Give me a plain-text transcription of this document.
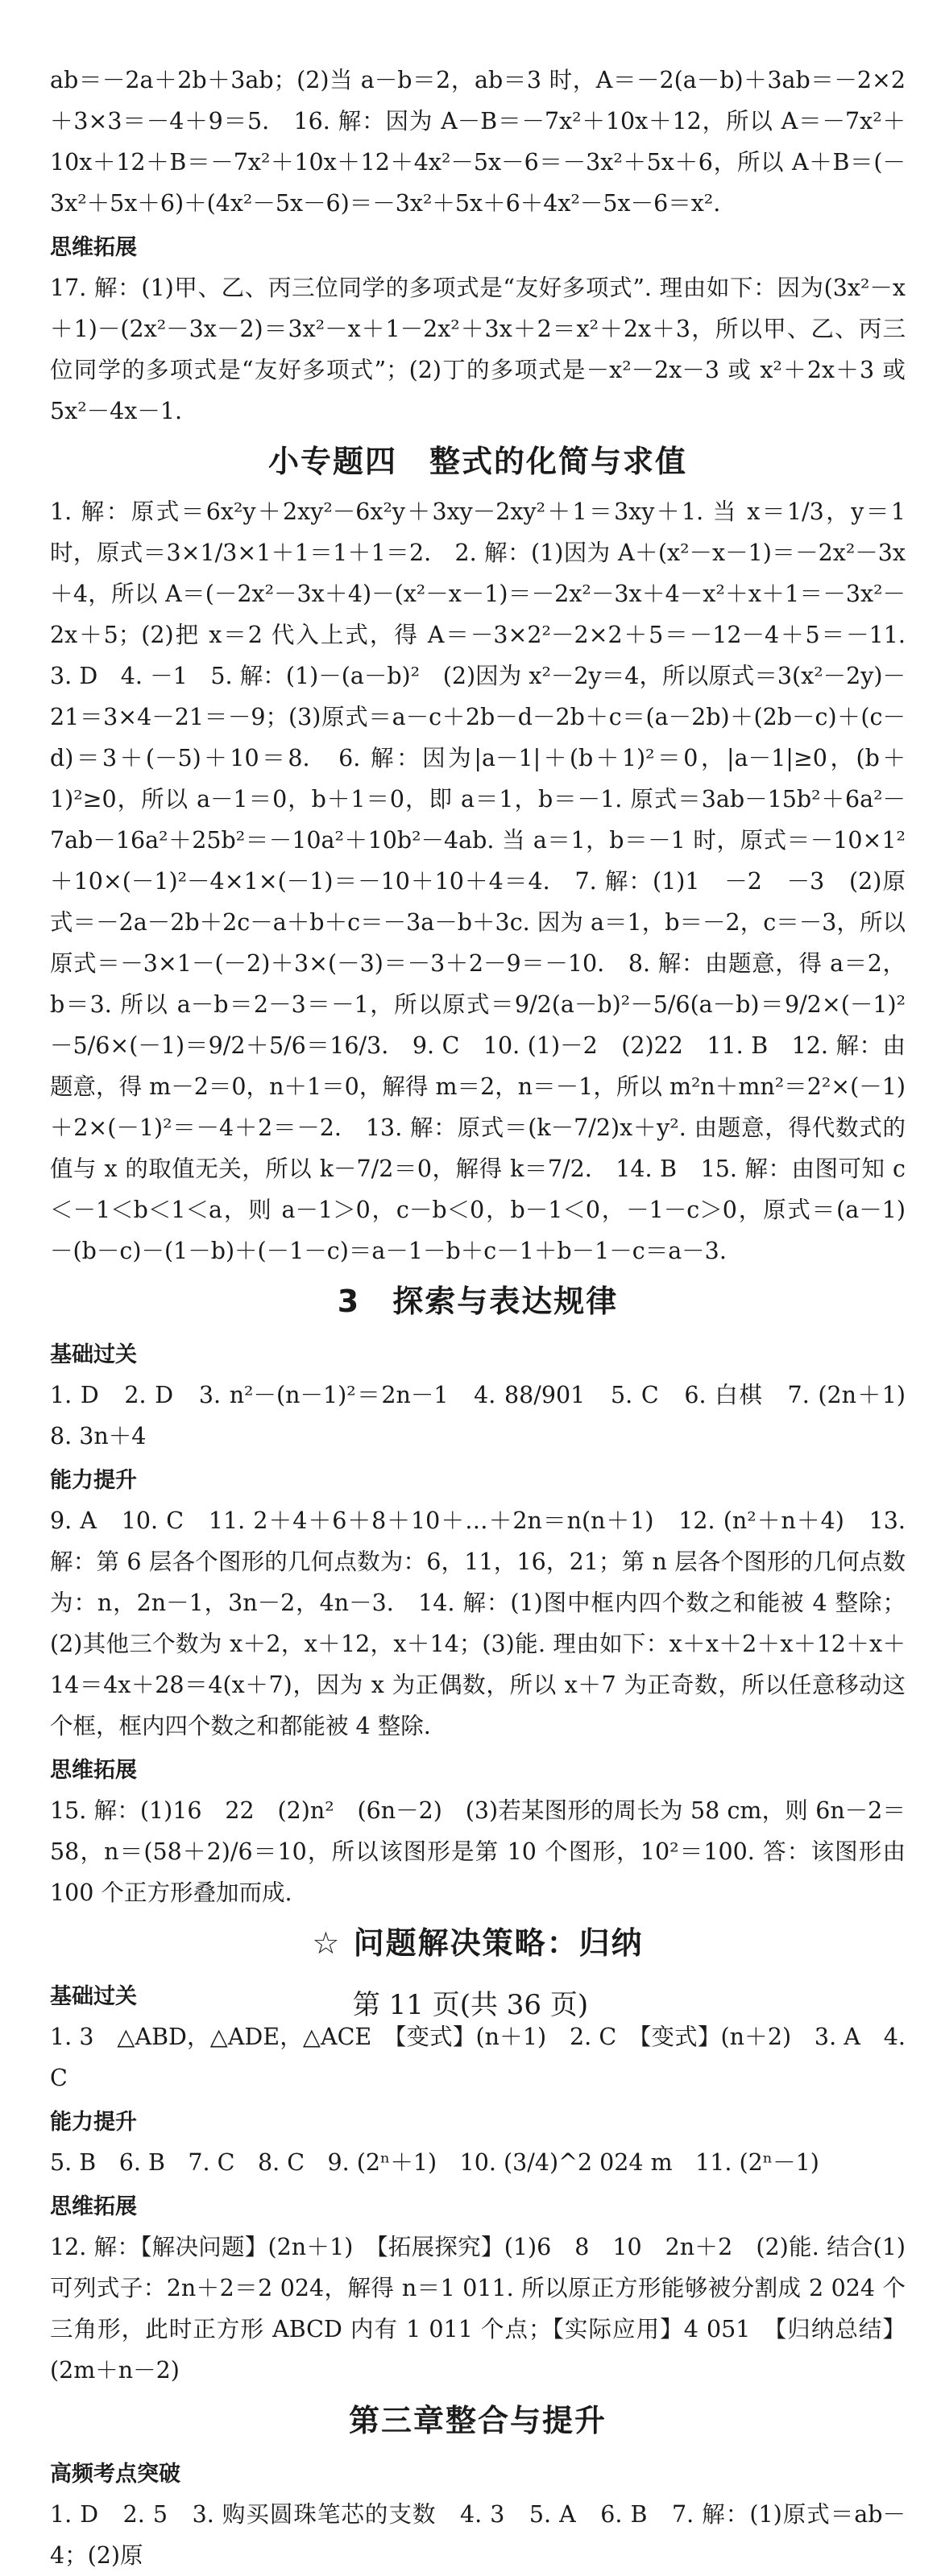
ab＝－2a＋2b＋3ab；(2)当 a－b＝2，ab＝3 时，A＝－2(a－b)＋3ab＝－2×2＋3×3＝－4＋9＝5.　16. 解：因为 A－B＝－7x²＋10x＋12，所以 A＝－7x²＋10x＋12＋B＝－7x²＋10x＋12＋4x²－5x－6＝－3x²＋5x＋6，所以 A＋B＝(－3x²＋5x＋6)＋(4x²－5x－6)＝－3x²＋5x＋6＋4x²－5x－6＝x².
思维拓展
17. 解：(1)甲、乙、丙三位同学的多项式是“友好多项式”. 理由如下：因为(3x²－x＋1)－(2x²－3x－2)＝3x²－x＋1－2x²＋3x＋2＝x²＋2x＋3，所以甲、乙、丙三位同学的多项式是“友好多项式”；(2)丁的多项式是－x²－2x－3 或 x²＋2x＋3 或 5x²－4x－1.
小专题四　整式的化简与求值
1. 解：原式＝6x²y＋2xy²－6x²y＋3xy－2xy²＋1＝3xy＋1. 当 x＝1/3，y＝1 时，原式＝3×1/3×1＋1＝1＋1＝2.　2. 解：(1)因为 A＋(x²－x－1)＝－2x²－3x＋4，所以 A＝(－2x²－3x＋4)－(x²－x－1)＝－2x²－3x＋4－x²＋x＋1＝－3x²－2x＋5；(2)把 x＝2 代入上式，得 A＝－3×2²－2×2＋5＝－12－4＋5＝－11.　3. D　4. －1　5. 解：(1)－(a－b)²　(2)因为 x²－2y＝4，所以原式＝3(x²－2y)－21＝3×4－21＝－9；(3)原式＝a－c＋2b－d－2b＋c＝(a－2b)＋(2b－c)＋(c－d)＝3＋(－5)＋10＝8.　6. 解：因为|a－1|＋(b＋1)²＝0，|a－1|≥0，(b＋1)²≥0，所以 a－1＝0，b＋1＝0，即 a＝1，b＝－1. 原式＝3ab－15b²＋6a²－7ab－16a²＋25b²＝－10a²＋10b²－4ab. 当 a＝1，b＝－1 时，原式＝－10×1²＋10×(－1)²－4×1×(－1)＝－10＋10＋4＝4.　7. 解：(1)1　－2　－3　(2)原式＝－2a－2b＋2c－a＋b＋c＝－3a－b＋3c. 因为 a＝1，b＝－2，c＝－3，所以原式＝－3×1－(－2)＋3×(－3)＝－3＋2－9＝－10.　8. 解：由题意，得 a＝2，b＝3. 所以 a－b＝2－3＝－1，所以原式＝9/2(a－b)²－5/6(a－b)＝9/2×(－1)²－5/6×(－1)＝9/2＋5/6＝16/3.　9. C　10. (1)－2　(2)22　11. B　12. 解：由题意，得 m－2＝0，n＋1＝0，解得 m＝2，n＝－1，所以 m²n＋mn²＝2²×(－1)＋2×(－1)²＝－4＋2＝－2.　13. 解：原式＝(k－7/2)x＋y². 由题意，得代数式的值与 x 的取值无关，所以 k－7/2＝0，解得 k＝7/2.　14. B　15. 解：由图可知 c＜－1＜b＜1＜a，则 a－1＞0，c－b＜0，b－1＜0，－1－c＞0，原式＝(a－1)－(b－c)－(1－b)＋(－1－c)＝a－1－b＋c－1＋b－1－c＝a－3.
3　探索与表达规律
基础过关
1. D　2. D　3. n²－(n－1)²＝2n－1　4. 88/901　5. C　6. 白棋　7. (2n＋1)　8. 3n＋4
能力提升
9. A　10. C　11. 2＋4＋6＋8＋10＋…＋2n＝n(n＋1)　12. (n²＋n＋4)　13. 解：第 6 层各个图形的几何点数为：6，11，16，21；第 n 层各个图形的几何点数为：n，2n－1，3n－2，4n－3.　14. 解：(1)图中框内四个数之和能被 4 整除；(2)其他三个数为 x＋2，x＋12，x＋14；(3)能. 理由如下：x＋x＋2＋x＋12＋x＋14＝4x＋28＝4(x＋7)，因为 x 为正偶数，所以 x＋7 为正奇数，所以任意移动这个框，框内四个数之和都能被 4 整除.
思维拓展
15. 解：(1)16　22　(2)n²　(6n－2)　(3)若某图形的周长为 58 cm，则 6n－2＝58，n＝(58＋2)/6＝10，所以该图形是第 10 个图形，10²＝100. 答：该图形由 100 个正方形叠加而成.
☆ 问题解决策略：归纳
基础过关
1. 3　△ABD，△ADE，△ACE　【变式】(n＋1)　2. C　【变式】(n＋2)　3. A　4. C
能力提升
5. B　6. B　7. C　8. C　9. (2ⁿ＋1)　10. (3/4)^2 024 m　11. (2ⁿ－1)
思维拓展
12. 解：【解决问题】(2n＋1)　【拓展探究】(1)6　8　10　2n＋2　(2)能. 结合(1)可列式子：2n＋2＝2 024，解得 n＝1 011. 所以原正方形能够被分割成 2 024 个三角形，此时正方形 ABCD 内有 1 011 个点；【实际应用】4 051　【归纳总结】(2m＋n－2)
第三章整合与提升
高频考点突破
1. D　2. 5　3. 购买圆珠笔芯的支数　4. 3　5. A　6. B　7. 解：(1)原式＝ab－4；(2)原
第 11 页(共 36 页)
